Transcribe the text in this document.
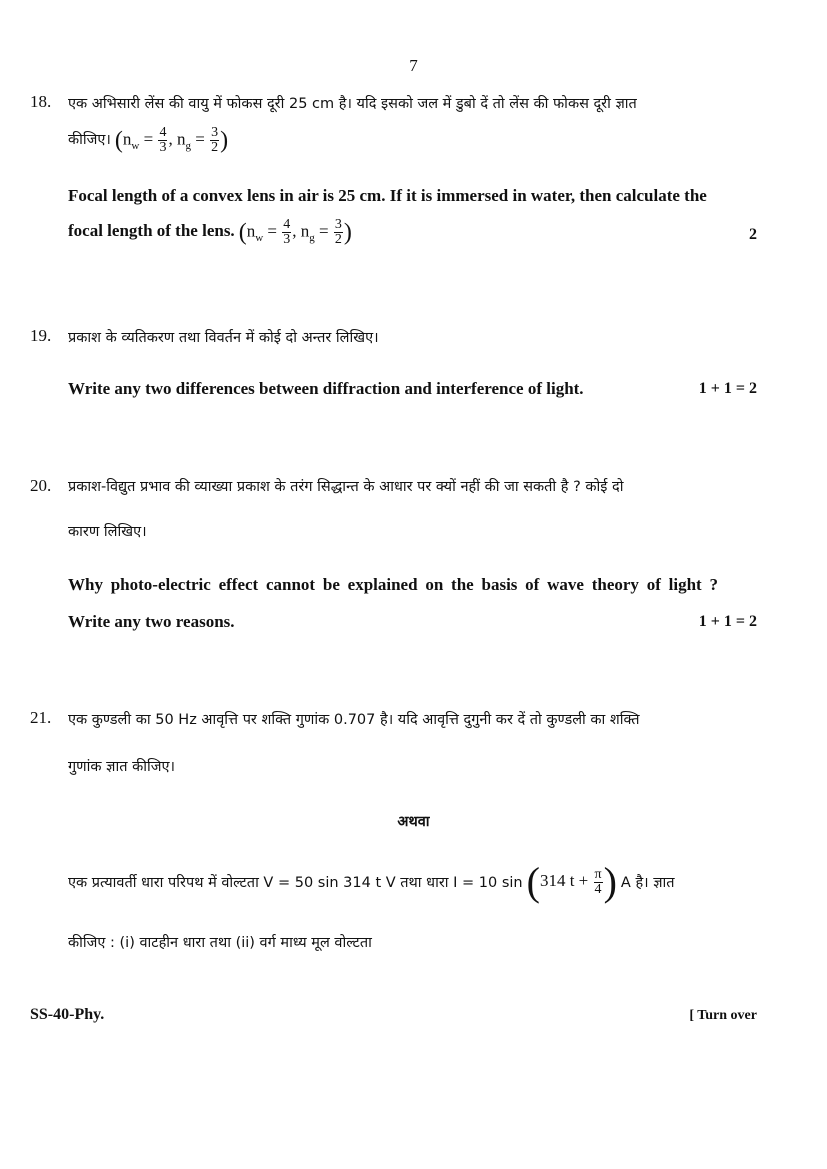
7
18. एक अभिसारी लेंस की वायु में फोकस दूरी 25 cm है। यदि इसको जल में डुबो दें तो लेंस की फोकस दूरी ज्ञात
कीजिए। ($n_w = \frac{4}{3}$ , $n_g = \frac{3}{2}$ )
Focal length of a convex lens in air is 25 cm. If it is immersed in water, then calculate the
focal length of the lens. ($n_w = \frac{4}{3}$ , $n_g = \frac{3}{2}$ )	2
19. प्रकाश के व्यतिकरण तथा विवर्तन में कोई दो अन्तर लिखिए।
Write any two differences between diffraction and interference of light.	1 + 1 = 2
20. प्रकाश-विद्युत प्रभाव की व्याख्या प्रकाश के तरंग सिद्धान्त के आधार पर क्यों नहीं की जा सकती है ? कोई दो
कारण लिखिए।
Why photo-electric effect cannot be explained on the basis of wave theory of light ?
Write any two reasons.	1 + 1 = 2
21. एक कुण्डली का 50 Hz आवृत्ति पर शक्ति गुणांक 0.707 है। यदि आवृत्ति दुगुनी कर दें तो कुण्डली का शक्ति
गुणांक ज्ञात कीजिए।
अथवा
एक प्रत्यावर्ती धारा परिपथ में वोल्टता V = 50 sin 314 t V तथा धारा I = 10 sin (314 $t + \frac{\pi}{4}$ ) A है। ज्ञात
कीजिए : (i) वाटहीन धारा तथा (ii) वर्ग माध्य मूल वोल्टता
SS-40-Phy.	[ Turn over
